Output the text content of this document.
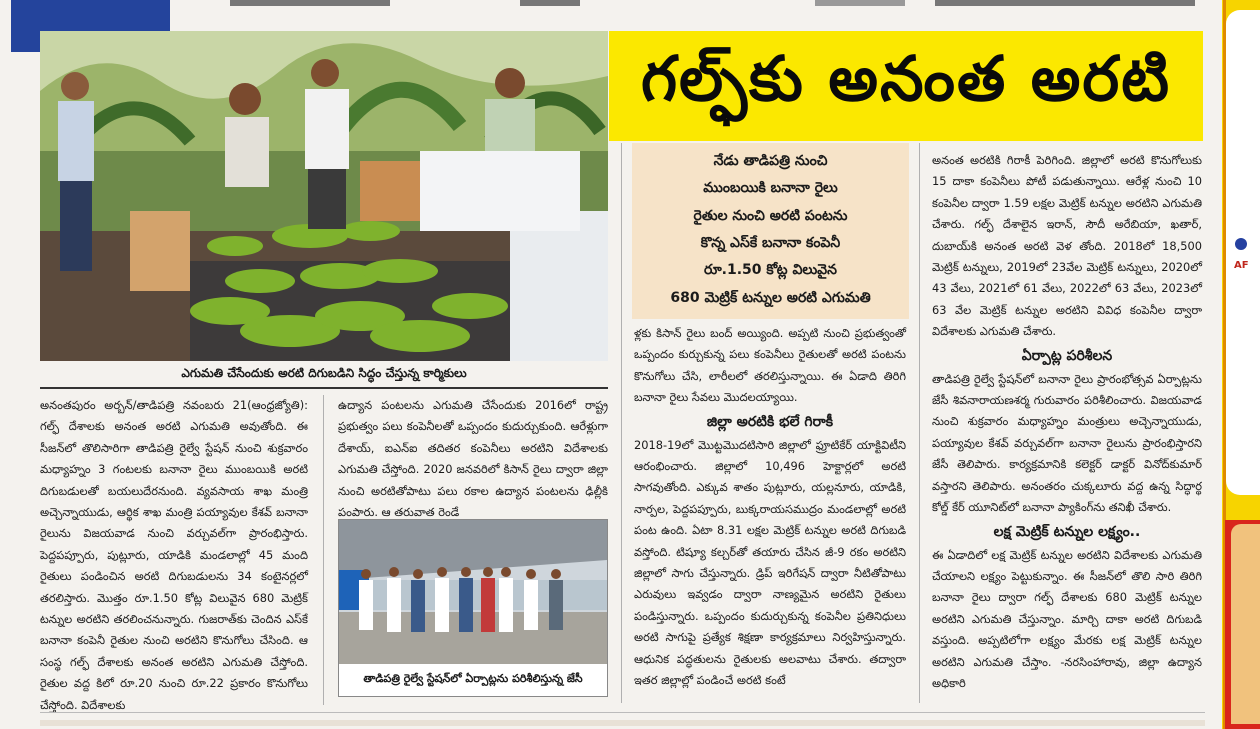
ఎగుమతి చేసేందుకు అరటి దిగుబడిని సిద్ధం చేస్తున్న కార్మికులు
గల్ఫ్‌కు అనంత అరటి
నేడు తాడిపత్రి నుంచి
ముంబయికి బనానా రైలు
రైతుల నుంచి అరటి పంటను
కొన్న ఎస్‌కే బనానా కంపెనీ
రూ.1.50 కోట్ల విలువైన
680 మెట్రిక్‌ టన్నుల అరటి ఎగుమతి

అనంతపురం అర్బన్‌/తాడిపత్రి నవంబరు 21(ఆంధ్రజ్యోతి): గల్ఫ్‌ దేశాలకు అనంత అరటి ఎగుమతి అవుతోంది. ఈ సీజన్‌లో తొలిసారిగా తాడిపత్రి రైల్వే స్టేషన్‌ నుంచి శుక్రవారం మధ్యాహ్నం 3 గంటలకు బనానా రైలు ముంబయికి అరటి దిగుబడులతో బయలుదేరనుంది. వ్యవసాయ శాఖ మంత్రి అచ్చెన్నాయుడు, ఆర్థిక శాఖ మంత్రి పయ్యావుల కేశవ్‌ బనానా రైలును విజయవాడ నుంచి వర్చువల్‌గా ప్రారంభిస్తారు. పెద్దపప్పూరు, పుట్లూరు, యాడికి మండలాల్లో 45 మంది రైతులు పండించిన అరటి దిగుబడులను 34 కంటైనర్లలో తరలిస్తారు. మొత్తం రూ.1.50 కోట్ల విలువైన 680 మెట్రిక్‌ టన్నుల అరటిని తరలించనున్నారు. గుజరాత్‌కు చెందిన ఎస్‌కే బనానా కంపెనీ రైతుల నుంచి అరటిని కొనుగోలు చేసింది. ఆ సంస్థ గల్ఫ్‌ దేశాలకు అనంత అరటిని ఎగుమతి చేస్తోంది. రైతుల వద్ద కిలో రూ.20 నుంచి రూ.22 ప్రకారం కొనుగోలు చేస్తోంది. విదేశాలకు

ఉద్యాన పంటలను ఎగుమతి చేసేందుకు 2016లో రాష్ట్ర ప్రభుత్వం పలు కంపెనీలతో ఒప్పందం కుదుర్చుకుంది. ఆరేళ్లుగా దేశాయ్‌, ఐఎన్‌ఐ తదితర కంపెనీలు అరటిని విదేశాలకు ఎగుమతి చేస్తోంది. 2020 జనవరిలో కిసాన్‌ రైలు ద్వారా జిల్లా నుంచి అరటితోపాటు పలు రకాల ఉద్యాన పంటలను ఢిల్లీకి పంపారు. ఆ తరువాత రెండే

తాడిపత్రి రైల్వే స్టేషన్‌లో ఏర్పాట్లను పరిశీలిస్తున్న జేసీ

ళ్లకు కిసాన్‌ రైలు బంద్‌ అయ్యింది. అప్పటి నుంచి ప్రభుత్వంతో ఒప్పందం కుర్చుకున్న పలు కంపెనీలు రైతులతో అరటి పంటను కొనుగోలు చేసి, లారీలలో తరలిస్తున్నాయి. ఈ ఏడాది తిరిగి బనానా రైలు సేవలు మొదలయ్యాయి.

జిల్లా అరటికి భలే గిరాకీ

2018-19లో మొట్టమొదటిసారి జిల్లాలో ఫ్రూటికేర్‌ యాక్టివిటీని ఆరంభించారు. జిల్లాలో 10,496 హెక్టార్లలో అరటి సాగవుతోంది. ఎక్కువ శాతం పుట్లూరు, యల్లనూరు, యాడికి, నార్పల, పెద్దపప్పూరు, బుక్కరాయసముద్రం మండలాల్లో అరటి పంట ఉంది. ఏటా 8.31 లక్షల మెట్రిక్‌ టన్నుల అరటి దిగుబడి వస్తోంది. టిష్యూ కల్చర్‌తో తయారు చేసిన జీ-9 రకం అరటిని జిల్లాలో సాగు చేస్తున్నారు. డ్రిప్‌ ఇరిగేషన్‌ ద్వారా నీటితోపాటు ఎరువులు ఇవ్వడం ద్వారా నాణ్యమైన అరటిని రైతులు పండిస్తున్నారు. ఒప్పందం కుదుర్చుకున్న కంపెనీల ప్రతినిధులు అరటి సాగుపై ప్రత్యేక శిక్షణా కార్యక్రమాలు నిర్వహిస్తున్నారు. ఆధునిక పద్ధతులను రైతులకు అలవాటు చేశారు. తద్వారా ఇతర జిల్లాల్లో పండించే అరటి కంటే

అనంత అరటికి గిరాకీ పెరిగింది. జిల్లాలో అరటి కొనుగోలుకు 15 దాకా కంపెనీలు పోటీ పడుతున్నాయి. ఆరేళ్ల నుంచి 10 కంపెనీల ద్వారా 1.59 లక్షల మెట్రిక్‌ టన్నుల అరటిని ఎగుమతి చేశారు. గల్ఫ్‌ దేశాలైన ఇరాన్‌, సౌదీ అరేబియా, ఖతార్‌, దుబాయ్‌కి అనంత అరటి వెళ తోంది. 2018లో 18,500 మెట్రిక్‌ టన్నులు, 2019లో 23వేల మెట్రిక్‌ టన్నులు, 2020లో 43 వేలు, 2021లో 61 వేలు, 2022లో 63 వేలు, 2023లో 63 వేల మెట్రిక్‌ టన్నుల అరటిని వివిధ కంపెనీల ద్వారా విదేశాలకు ఎగుమతి చేశారు.

ఏర్పాట్ల పరిశీలన

తాడిపత్రి రైల్వే స్టేషన్‌లో బనానా రైలు ప్రారంభోత్సవ ఏర్పాట్లను జేసీ శివనారాయణశర్మ గురువారం పరిశీలించారు. విజయవాడ నుంచి శుక్రవారం మధ్యాహ్నం మంత్రులు అచ్చెన్నాయుడు, పయ్యావుల కేశవ్‌ వర్చువల్‌గా బనానా రైలును ప్రారంభిస్తారని జేసీ తెలిపారు. కార్యక్రమానికి కలెక్టర్‌ డాక్టర్‌ వినోద్‌కుమార్‌ వస్తారని తెలిపారు. అనంతరం చుక్కలూరు వద్ద ఉన్న సిద్ధార్థ కోల్డ్‌ కేర్‌ యూనిట్‌లో బనానా ప్యాకింగ్‌ను తనిఖీ చేశారు.

లక్ష మెట్రిక్‌ టన్నుల లక్ష్యం..

ఈ ఏడాదిలో లక్ష మెట్రిక్‌ టన్నుల అరటిని విదేశాలకు ఎగుమతి చేయాలని లక్ష్యం పెట్టుకున్నాం. ఈ సీజన్‌లో తొలి సారి తిరిగి బనానా రైలు ద్వారా గల్ఫ్‌ దేశాలకు 680 మెట్రిక్‌ టన్నుల అరటిని ఎగుమతి చేస్తున్నాం. మార్చి దాకా అరటి దిగుబడి వస్తుంది. అప్పటిలోగా లక్ష్యం మేరకు లక్ష మెట్రిక్‌ టన్నుల అరటిని ఎగుమతి చేస్తాం. -నరసింహారావు, జిల్లా ఉద్యాన అధికారి

AF
